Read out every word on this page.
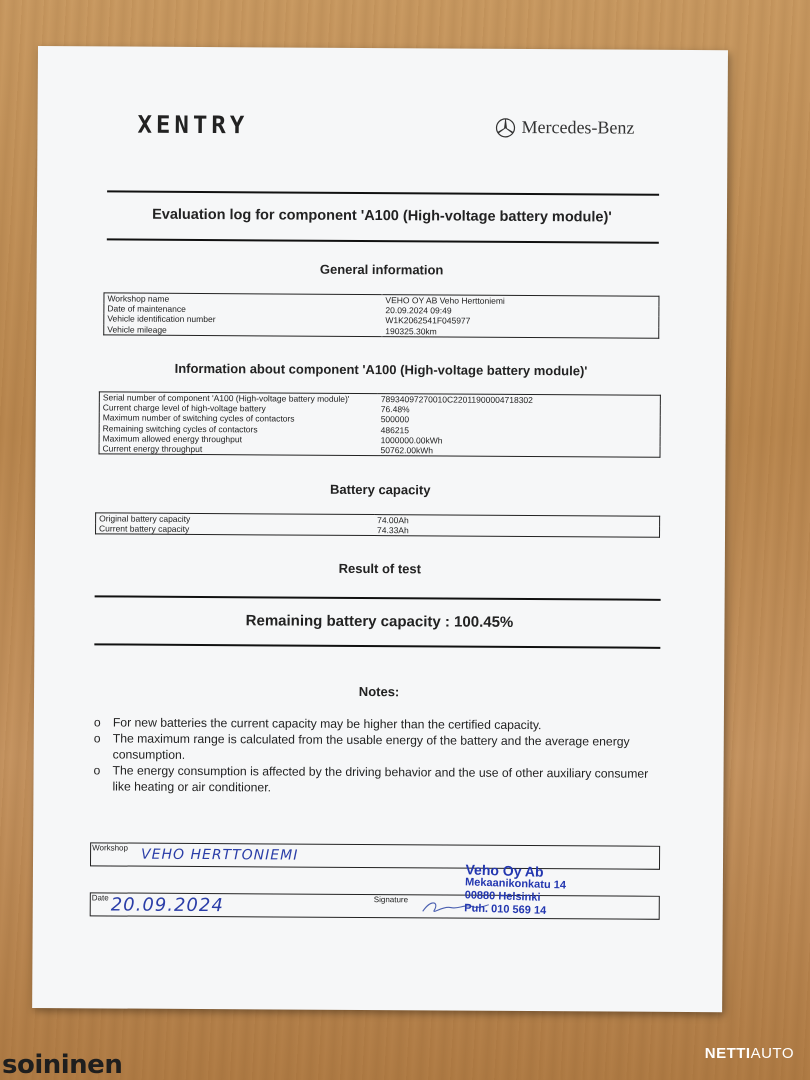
XENTRY	Mercedes-Benz
Evaluation log for component 'A100 (High-voltage battery module)'
General information
Workshop name	VEHO OY AB Veho Herttoniemi
Date of maintenance	20.09.2024 09:49
Vehicle identification number	W1K2062541F045977
Vehicle mileage	190325.30km
Information about component 'A100 (High-voltage battery module)'
Serial number of component 'A100 (High-voltage battery module)'	78934097270010C22011900004718302
Current charge level of high-voltage battery	76.48%
Maximum number of switching cycles of contactors	500000
Remaining switching cycles of contactors	486215
Maximum allowed energy throughput	1000000.00kWh
Current energy throughput	50762.00kWh
Battery capacity
Original battery capacity	74.00Ah
Current battery capacity	74.33Ah
Result of test
Remaining battery capacity : 100.45%
Notes:
o For new batteries the current capacity may be higher than the certified capacity.
o The maximum range is calculated from the usable energy of the battery and the average energy consumption.
o The energy consumption is affected by the driving behavior and the use of other auxiliary consumer like heating or air conditioner.
Workshop VEHO HERTTONIEMI
Date 20.09.2024	Signature
Veho Oy Ab
Mekaanikonkatu 14
00880 Helsinki
Puh. 010 569 14
soininen	NETTIAUTO
